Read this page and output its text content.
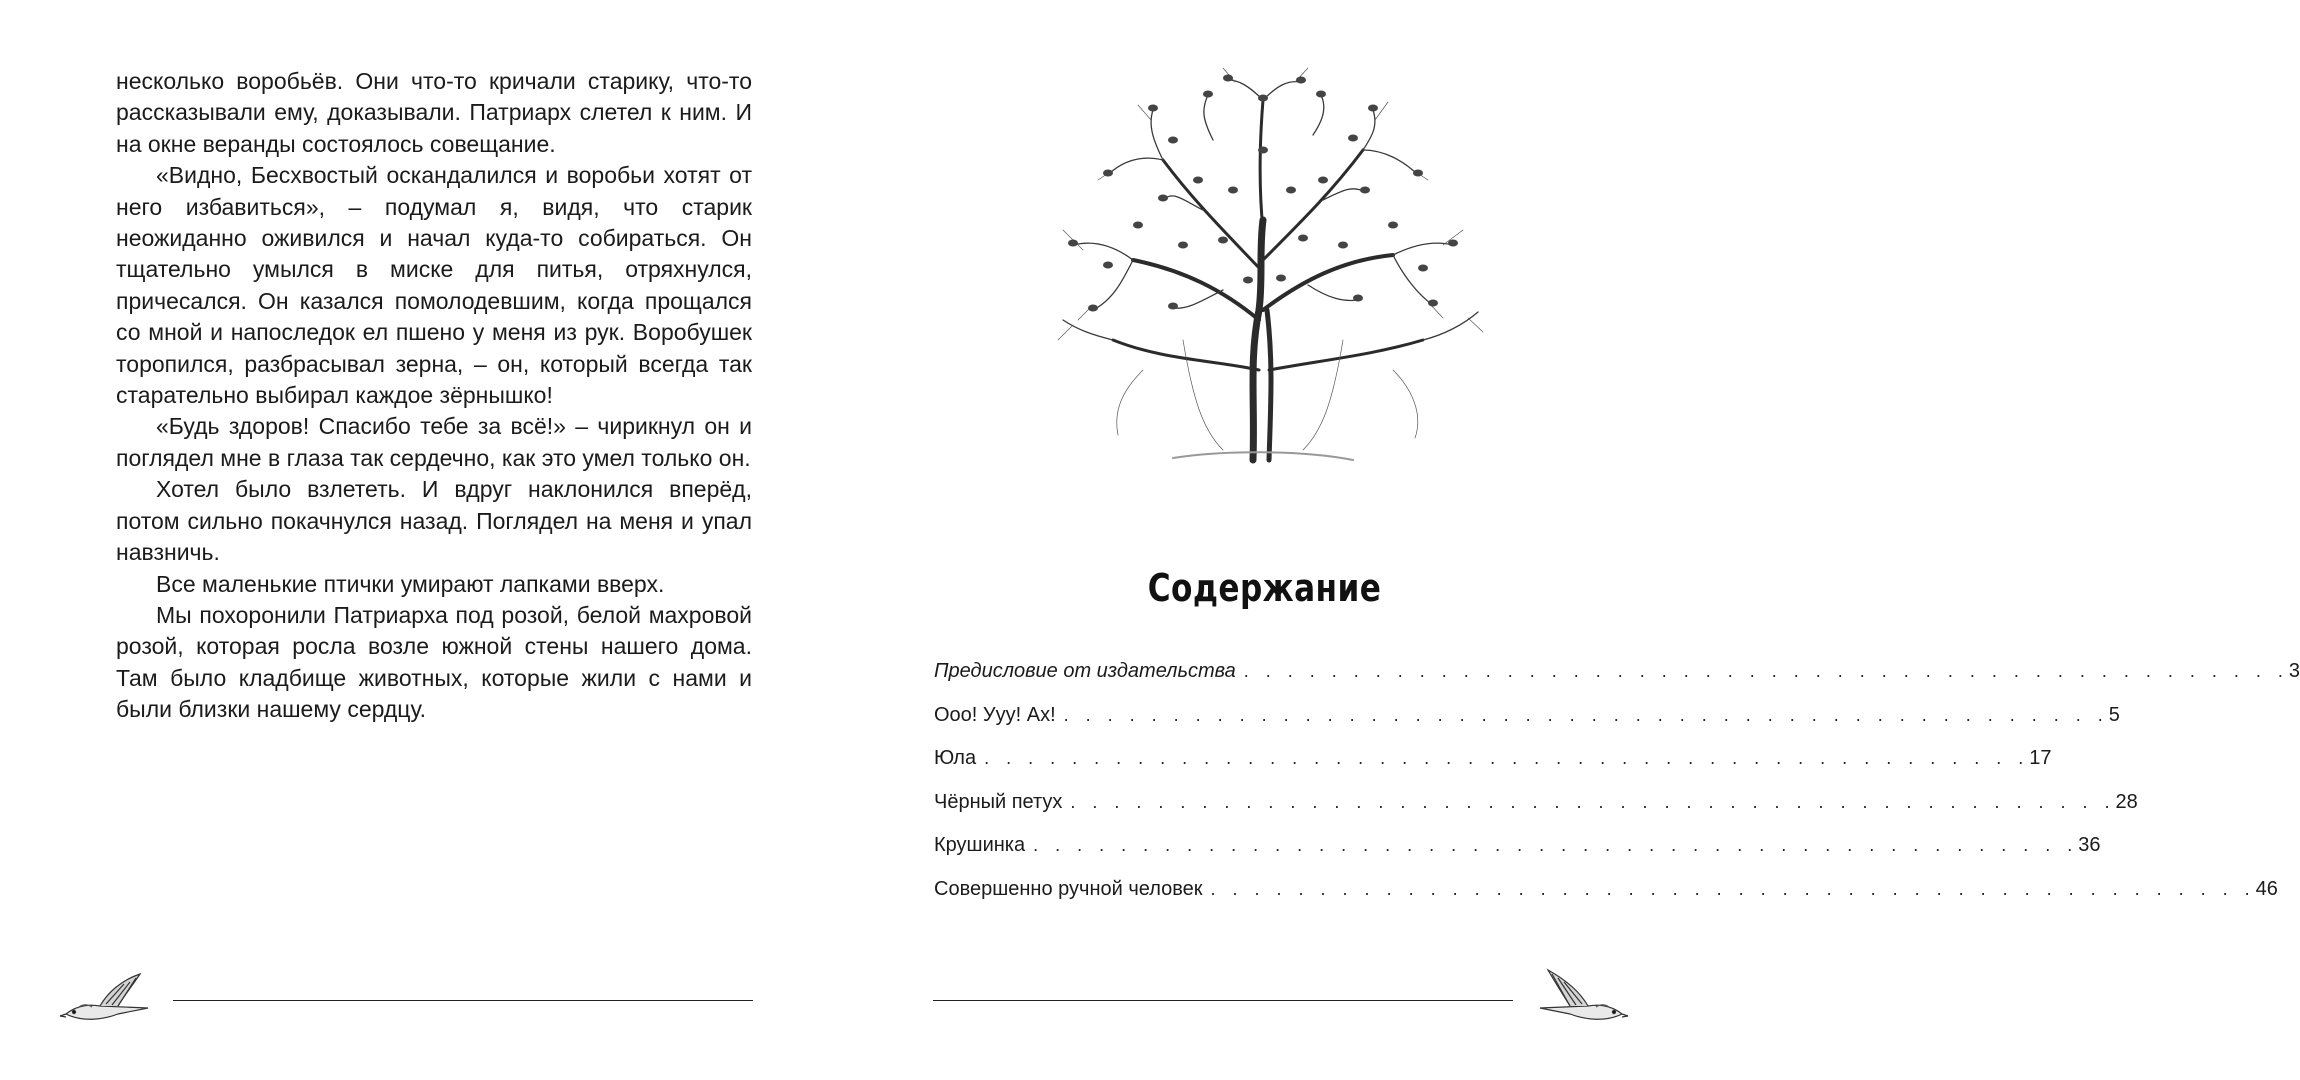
несколько воробьёв. Они что-то кричали старику, что-то рассказывали ему, доказывали. Патриарх слетел к ним. И на окне веранды состоялось совещание.

«Видно, Бесхвостый оскандалился и воробьи хотят от него избавиться», – подумал я, видя, что старик неожиданно оживился и начал куда-то собираться. Он тщательно умылся в миске для питья, отряхнулся, причесался. Он казался помолодевшим, когда прощался со мной и напоследок ел пшено у меня из рук. Воробушек торопился, разбрасывал зерна, – он, который всегда так старательно выбирал каждое зёрнышко!

«Будь здоров! Спасибо тебе за всё!» – чирикнул он и поглядел мне в глаза так сердечно, как это умел только он.

Хотел было взлететь. И вдруг наклонился вперёд, потом сильно покачнулся назад. Поглядел на меня и упал навзничь.

Все маленькие птички умирают лапками вверх.

Мы похоронили Патриарха под розой, белой махровой розой, которая росла возле южной стены нашего дома. Там было кладбище животных, которые жили с нами и были близки нашему сердцу.

Содержание
Предисловие от издательства . . . . . . . . . . . . . . . . . . . . . . . . . . . . . . . . . . . . . . . . . . . . . . . . 3
Ооо! Ууу! Ах! . . . . . . . . . . . . . . . . . . . . . . . . . . . . . . . . . . . . . . . . . . . . . . . . 5
Юла . . . . . . . . . . . . . . . . . . . . . . . . . . . . . . . . . . . . . . . . . . . . . . . . 17
Чёрный петух . . . . . . . . . . . . . . . . . . . . . . . . . . . . . . . . . . . . . . . . . . . . . . . . 28
Крушинка . . . . . . . . . . . . . . . . . . . . . . . . . . . . . . . . . . . . . . . . . . . . . . . . 36
Совершенно ручной человек . . . . . . . . . . . . . . . . . . . . . . . . . . . . . . . . . . . . . . . . . . . . . . . . 46
